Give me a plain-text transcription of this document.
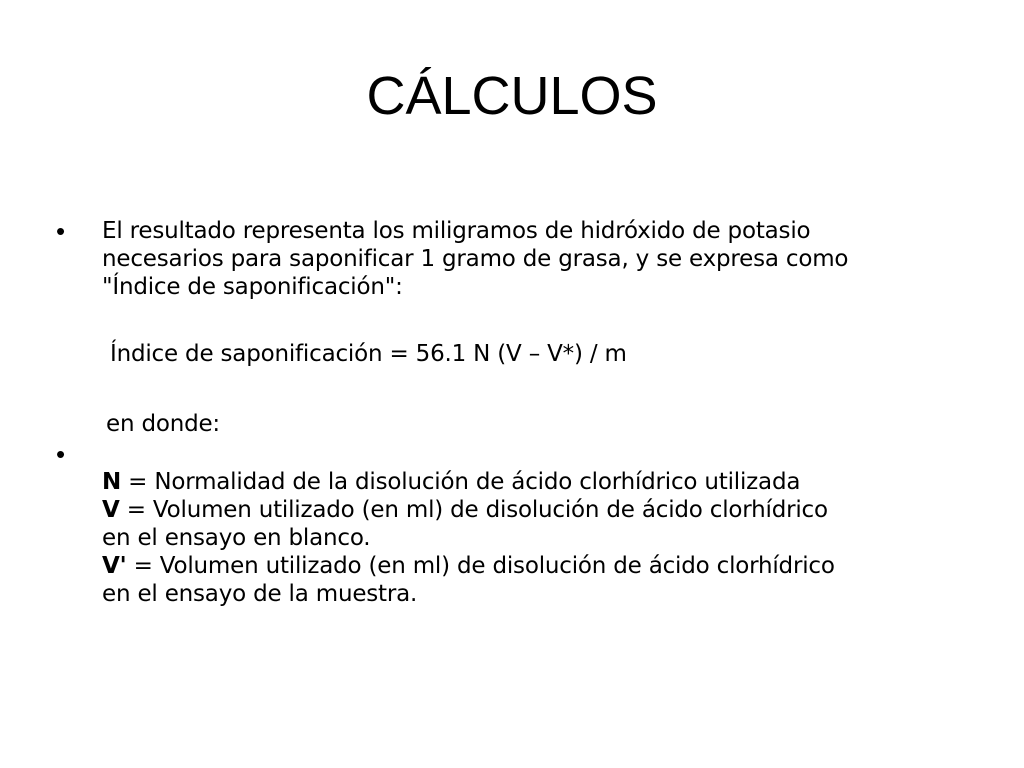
CÁLCULOS
• El resultado representa los miligramos de hidróxido de potasio
necesarios para saponificar 1 gramo de grasa, y se expresa como
"Índice de saponificación":
Índice de saponificación = 56.1 N (V – V*) / m
en donde:
•
N = Normalidad de la disolución de ácido clorhídrico utilizada
V = Volumen utilizado (en ml) de disolución de ácido clorhídrico
en el ensayo en blanco.
V' = Volumen utilizado (en ml) de disolución de ácido clorhídrico
en el ensayo de la muestra.
